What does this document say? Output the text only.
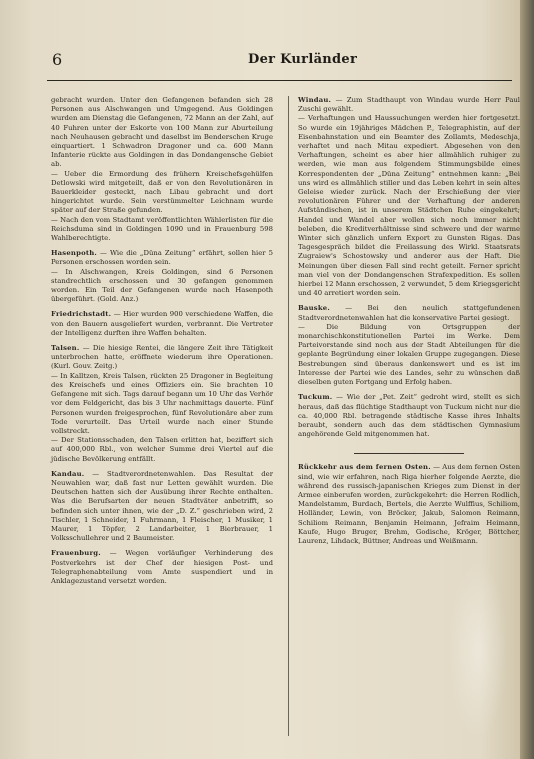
6	Der Kurländer

gebracht wurden. Unter den Gefangenen befanden sich 28 Personen aus Alschwangen und Umgegend. Aus Goldingen wurden am Dienstag die Gefangenen, 72 Mann an der Zahl, auf 40 Fuhren unter der Eskorte von 100 Mann zur Aburteilung nach Neuhausen gebracht und daselbst im Benderschen Kruge einquartiert. 1 Schwadron Dragoner und ca. 600 Mann Infanterie rückte aus Goldingen in das Dondangensche Gebiet ab.

— Ueber die Ermordung des frühern Kreischefsgehülfen Detlowski wird mitgeteilt, daß er von den Revolutionären in Bauerkleider gesteckt, nach Libau gebracht und dort hingerichtet wurde. Sein verstümmelter Leichnam wurde später auf der Straße gefunden.

— Nach den vom Stadtamt veröffentlichten Wählerlisten für die Reichsduma sind in Goldingen 1090 und in Frauenburg 598 Wahlberechtigte.

Hasenpoth. — Wie die „Düna Zeitung“ erfährt, sollen hier 5 Personen erschossen worden sein.

— In Alschwangen, Kreis Goldingen, sind 6 Personen standrechtlich erschossen und 30 gefangen genommen worden. Ein Teil der Gefangenen wurde nach Hasenpoth übergeführt. (Gold. Anz.)

Friedrichstadt. — Hier wurden 900 verschiedene Waffen, die von den Bauern ausgeliefert wurden, verbrannt. Die Vertreter der Intelligenz durften ihre Waffen behalten.

Talsen. — Die hiesige Rentei, die längere Zeit ihre Tätigkeit unterbrochen hatte, eröffnete wiederum ihre Operationen. (Kurl. Gouv. Zeitg.)

— In Kalltzen, Kreis Talsen, rückten 25 Dragoner in Begleitung des Kreischefs und eines Offiziers ein. Sie brachten 10 Gefangene mit sich. Tags darauf begann um 10 Uhr das Verhör vor dem Feldgericht, das bis 3 Uhr nachmittags dauerte. Fünf Personen wurden freigesprochen, fünf Revolutionäre aber zum Tode verurteilt. Das Urteil wurde nach einer Stunde vollstreckt.

— Der Stationsschaden, den Talsen erlitten hat, beziffert sich auf 400,000 Rbl., von welcher Summe drei Viertel auf die jüdische Bevölkerung entfällt.

Kandau. — Stadtverordnetenwahlen. Das Resultat der Neuwahlen war, daß fast nur Letten gewählt wurden. Die Deutschen hatten sich der Ausübung ihrer Rechte enthalten. Was die Berufsarten der neuen Stadtväter anbetrifft, so befinden sich unter ihnen, wie der „D. Z.“ geschrieben wird, 2 Tischler, 1 Schneider, 1 Fuhrmann, 1 Fleischer, 1 Musiker, 1 Maurer, 1 Töpfer, 2 Landarbeiter, 1 Bierbrauer, 1 Volksschullehrer und 2 Baumeister.

Frauenburg. — Wegen vorläufiger Verhinderung des Postverkehrs ist der Chef der hiesigen Post- und Telegraphenabteilung vom Amte suspendiert und in Anklagezustand versetzt worden.

Windau. — Zum Stadthaupt von Windau wurde Herr Paul Zuschi gewählt.

— Verhaftungen und Haussuchungen werden hier fortgesetzt. So wurde ein 19jähriges Mädchen P., Telegraphistin, auf der Eisenbahnstation und ein Beamter des Zollamts, Medeschja, verhaftet und nach Mitau expediert. Abgesehen von den Verhaftungen, scheint es aber hier allmählich ruhiger zu werden, wie man aus folgendem Stimmungsbilde eines Korrespondenten der „Düna Zeitung“ entnehmen kann: „Bei uns wird es allmählich stiller und das Leben kehrt in sein altes Geleise wieder zurück. Nach der Erschießung der vier revolutionären Führer und der Verhaftung der anderen Aufständischen, ist in unserem Städtchen Ruhe eingekehrt; Handel und Wandel aber wollen sich noch immer nicht beleben, die Kreditverhältnisse sind schwere und der warme Winter sich gänzlich unfern Export zu Gunsten Rigas. Das Tagesgespräch bildet die Freilassung des Wirkl. Staatsrats Zugraiew's Schostowsky und anderer aus der Haft. Die Meinungen über diesen Fall sind recht geteilt. Ferner spricht man viel von der Dondangenschen Strafexpedition. Es sollen hierbei 12 Mann erschossen, 2 verwundet, 5 dem Kriegsgericht und 40 arretiert worden sein.

Bauske. — Bei den neulich stattgefundenen Stadtverordnetenwahlen hat die konservative Partei gesiegt.

— Die Bildung von Ortsgruppen der monarchischkonstitutionellen Partei im Werke. Dem Parteivorstande sind noch aus der Stadt Abteilungen für die geplante Begründung einer lokalen Gruppe zugegangen. Diese Bestrebungen sind überaus dankenswert und es ist im Interesse der Partei wie des Landes, sehr zu wünschen daß dieselben guten Fortgang und Erfolg haben.

Tuckum. — Wie der „Pet. Zeit“ gedroht wird, stellt es sich heraus, daß das flüchtige Stadthaupt von Tuckum nicht nur die ca. 40,000 Rbl. betragende städtische Kasse ihres Inhalts beraubt, sondern auch das dem städtischen Gymnasium angehörende Geld mitgenommen hat.

Rückkehr aus dem fernen Osten. — Aus dem fernen Osten sind, wie wir erfahren, nach Riga hierher folgende Aerzte, die während des russisch-japanischen Krieges zum Dienst in der Armee einberufen worden, zurückgekehrt: die Herren Rodlich, Mandelstamm, Burdach, Bertels, die Aerzte Wulffius, Schiliom, Holländer, Lewin, von Bröcker, Jakub, Salomon Reimann, Schiliom Reimann, Benjamin Heimann, Jefraim Heimann, Kaufe, Hugo Bruger, Brehm, Godische, Kröger, Böttcher, Laurenz, Lihdack, Büttner, Andreas und Weißmann.
